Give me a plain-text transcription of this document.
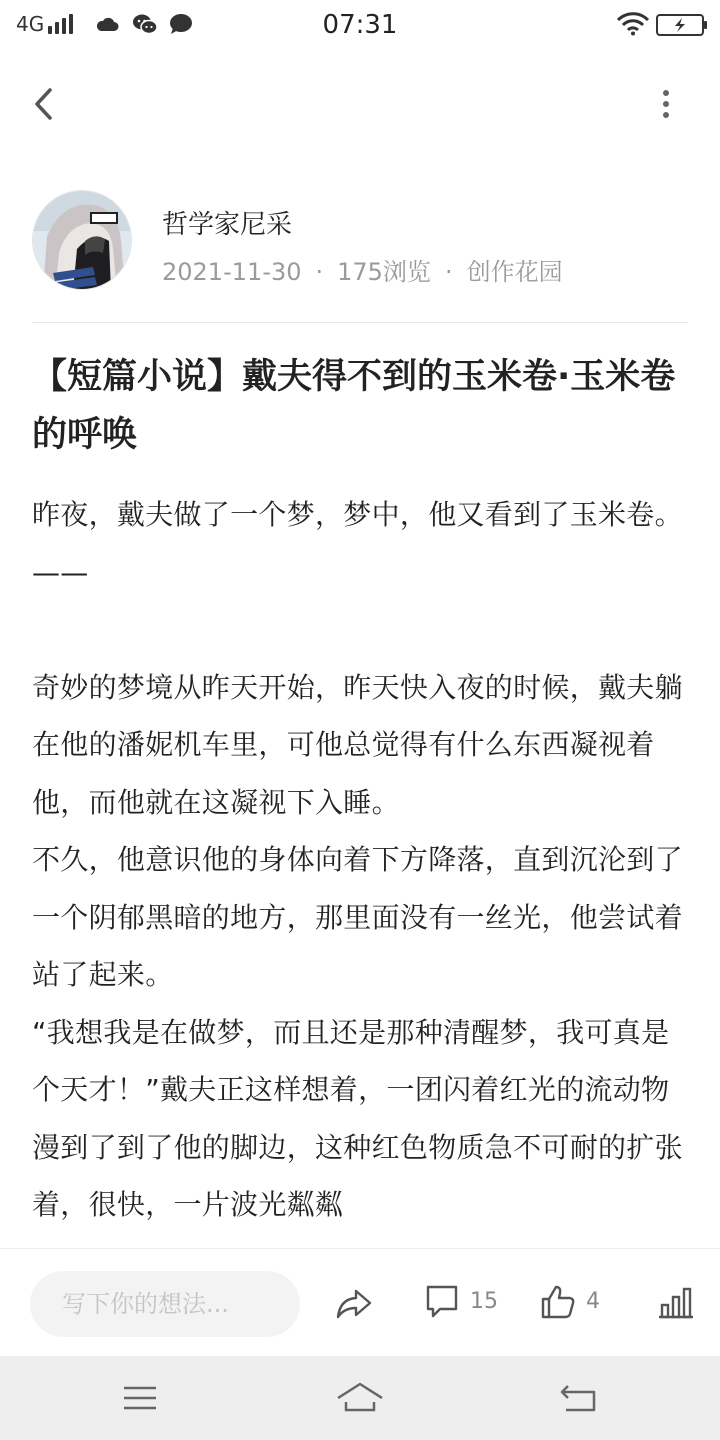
4G	07:31
哲学家尼采
2021-11-30 · 175浏览 · 创作花园
【短篇小说】戴夫得不到的玉米卷·玉米卷的呼唤

昨夜，戴夫做了一个梦，梦中，他又看到了玉米卷。——

奇妙的梦境从昨天开始，昨天快入夜的时候，戴夫躺在他的潘妮机车里，可他总觉得有什么东西凝视着他，而他就在这凝视下入睡。

不久，他意识他的身体向着下方降落，直到沉沦到了一个阴郁黑暗的地方，那里面没有一丝光，他尝试着站了起来。

“我想我是在做梦，而且还是那种清醒梦，我可真是个天才！”戴夫正这样想着，一团闪着红光的流动物漫到了到了他的脚边，这种红色物质急不可耐的扩张着，很快，一片波光粼粼

写下你的想法...	15	4
